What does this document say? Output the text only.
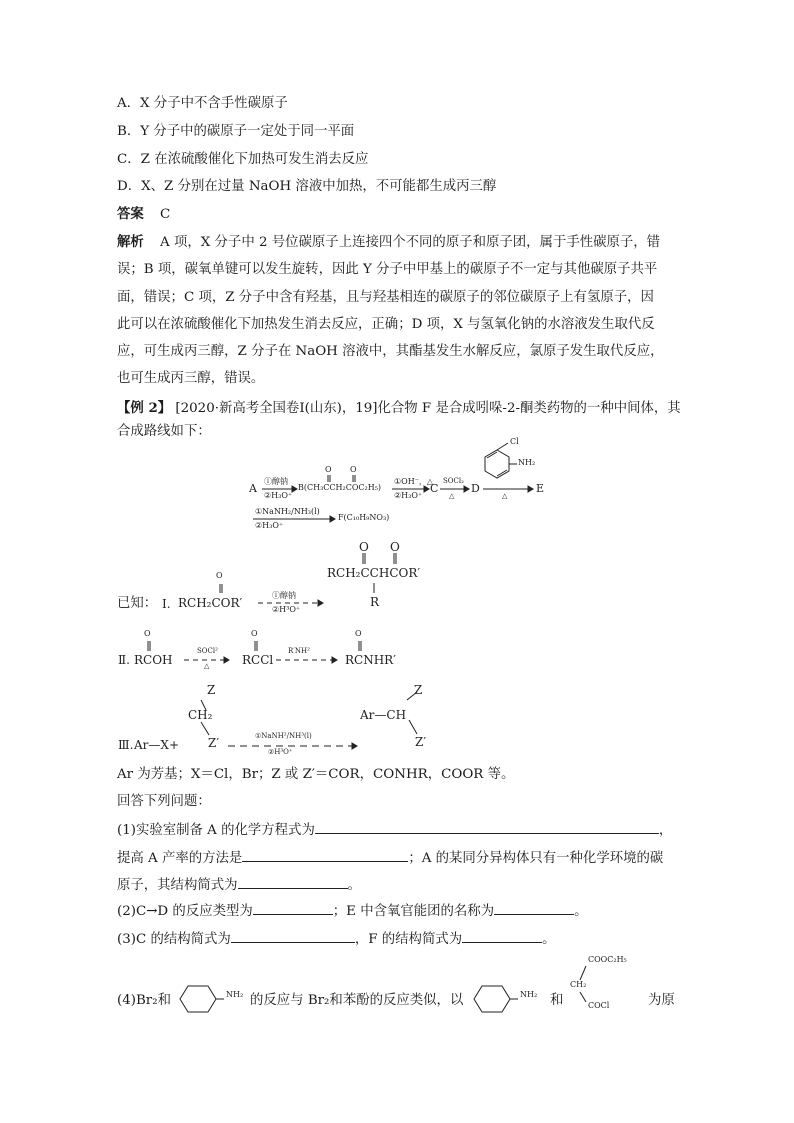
A．X 分子中不含手性碳原子
B．Y 分子中的碳原子一定处于同一平面
C．Z 在浓硫酸催化下加热可发生消去反应
D．X、Z 分别在过量 NaOH 溶液中加热，不可能都生成丙三醇
答案 C
解析 A 项，X 分子中 2 号位碳原子上连接四个不同的原子和原子团，属于手性碳原子，错
误；B 项，碳氧单键可以发生旋转，因此 Y 分子中甲基上的碳原子不一定与其他碳原子共平
面，错误；C 项，Z 分子中含有羟基，且与羟基相连的碳原子的邻位碳原子上有氢原子，因
此可以在浓硫酸催化下加热发生消去反应，正确；D 项，X 与氢氧化钠的水溶液发生取代反
应，可生成丙三醇，Z 分子在 NaOH 溶液中，其酯基发生水解反应，氯原子发生取代反应，
也可生成丙三醇，错误。
【例 2】 [2020·新高考全国卷Ⅰ(山东)，19]化合物 F 是合成吲哚-2-酮类药物的一种中间体，其
合成路线如下：
A
①醇钠
②H₃O⁺
O O
B(CH₃CCH₂COC₂H₅)
①OH⁻，△
②H₃O⁺
C
SOCl₂
△
D
Cl
NH₂
△
E
①NaNH₂/NH₃(l)
②H₃O⁺
F(C₁₀H₉NO₃)
已知： Ⅰ.
O
RCH₂COR′
①醇钠
②H³O⁺
O O
RCH₂CCHCOR′
R
O
Ⅱ. RCOH
SOCl²
△
O
RCCl
R′NH²
O
RCNHR′
Z
CH₂
Ⅲ. Ar—X+ Z′	①NaNH²/NH³(l)
②H³O⁺
Z
Ar—CH
Z′
Ar 为芳基；X＝Cl，Br；Z 或 Z′＝COR，CONHR，COOR 等。
回答下列问题：
(1)实验室制备 A 的化学方程式为	，
提高 A 产率的方法是	；A 的某同分异构体只有一种化学环境的碳
原子，其结构简式为	。
(2)C→D 的反应类型为	；E 中含氧官能团的名称为	。
(3)C 的结构简式为	，F 的结构简式为	。
(4)Br₂和	NH₂ 的反应与 Br₂和苯酚的反应类似，以	NH₂ 和
COOC₂H₅
CH₂
COCl	为原
